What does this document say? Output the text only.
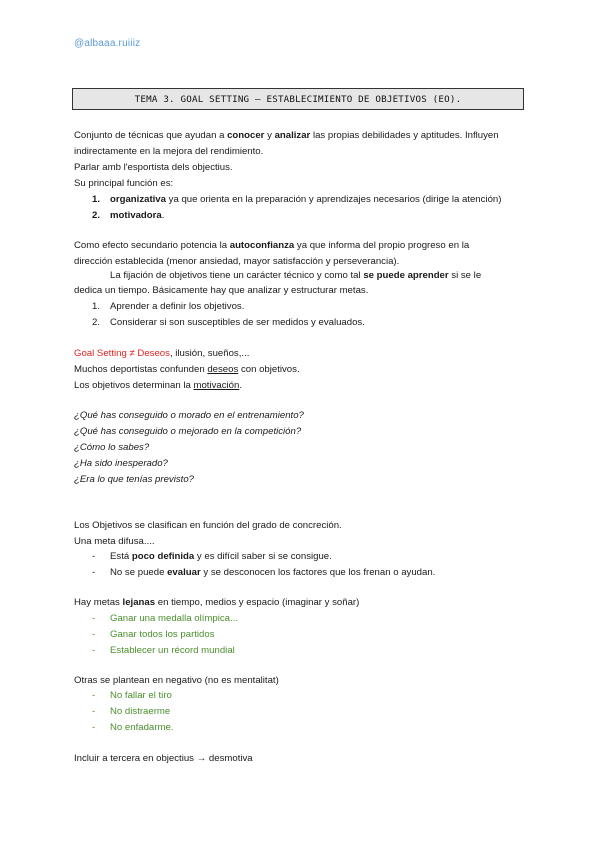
@albaaa.ruiiiz
TEMA 3. GOAL SETTING – ESTABLECIMIENTO DE OBJETIVOS (EO).
Conjunto de técnicas que ayudan a conocer y analizar las propias debilidades y aptitudes. Influyen
indirectamente en la mejora del rendimiento.
Parlar amb l'esportista dels objectius.
Su principal función es:
1. organizativa ya que orienta en la preparación y aprendizajes necesarios (dirige la atención)
2. motivadora.
Como efecto secundario potencia la autoconfianza ya que informa del propio progreso en la
dirección establecida (menor ansiedad, mayor satisfacción y perseverancia).
La fijación de objetivos tiene un carácter técnico y como tal se puede aprender si se le
dedica un tiempo. Básicamente hay que analizar y estructurar metas.
1. Aprender a definir los objetivos.
2. Considerar si son susceptibles de ser medidos y evaluados.
Goal Setting ≠ Deseos, ilusión, sueños,...
Muchos deportistas confunden deseos con objetivos.
Los objetivos determinan la motivación.
¿Qué has conseguido o morado en el entrenamiento?
¿Qué has conseguido o mejorado en la competición?
¿Cómo lo sabes?
¿Ha sido inesperado?
¿Era lo que tenías previsto?
Los Objetivos se clasifican en función del grado de concreción.
Una meta difusa....
- Está poco definida y es difícil saber si se consigue.
- No se puede evaluar y se desconocen los factores que los frenan o ayudan.
Hay metas lejanas en tiempo, medios y espacio (imaginar y soñar)
- Ganar una medalla olímpica...
- Ganar todos los partidos
- Establecer un récord mundial
Otras se plantean en negativo (no es mentalitat)
- No fallar el tiro
- No distraerme
- No enfadarme.
Incluir a tercera en objectius → desmotiva
